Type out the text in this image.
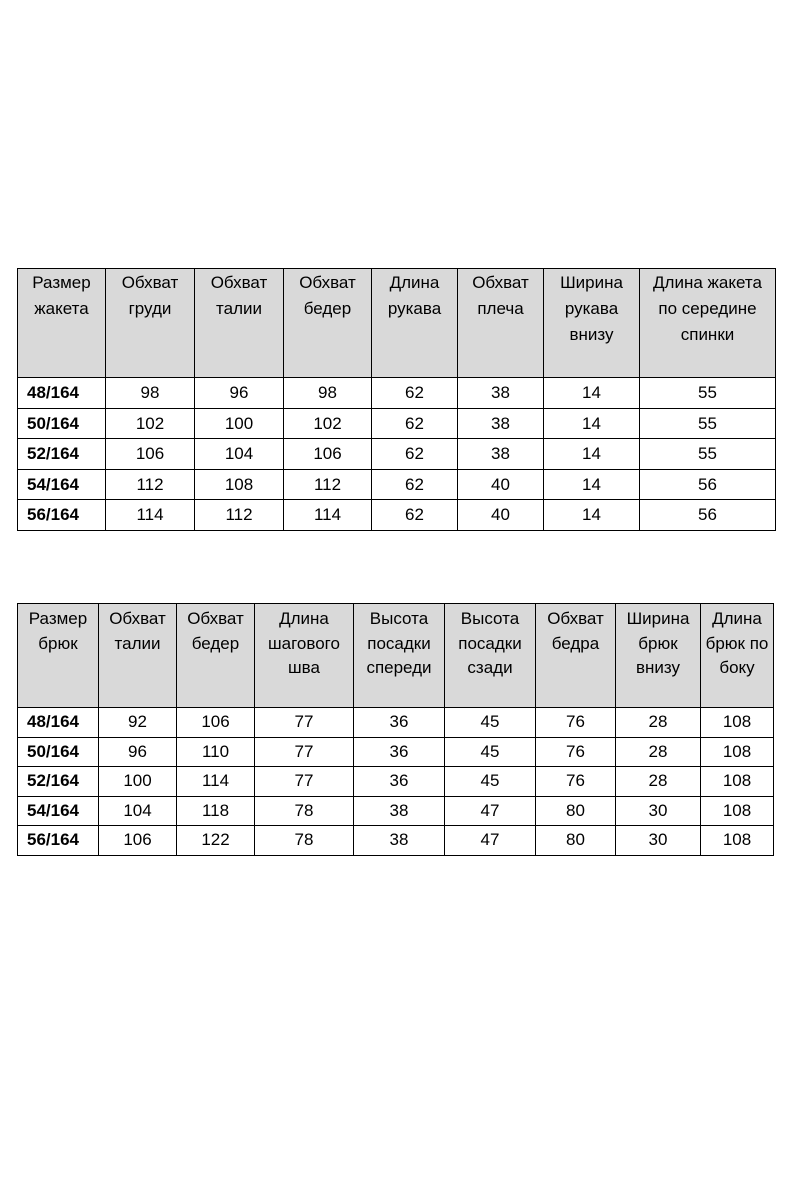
Размер жакета	Обхват груди	Обхват талии	Обхват бедер	Длина рукава	Обхват плеча	Ширина рукава внизу	Длина жакета по середине спинки
48/164	98	96	98	62	38	14	55
50/164	102	100	102	62	38	14	55
52/164	106	104	106	62	38	14	55
54/164	112	108	112	62	40	14	56
56/164	114	112	114	62	40	14	56
Размер брюк	Обхват талии	Обхват бедер	Длина шагового шва	Высота посадки спереди	Высота посадки сзади	Обхват бедра	Ширина брюк внизу	Длина брюк по боку
48/164	92	106	77	36	45	76	28	108
50/164	96	110	77	36	45	76	28	108
52/164	100	114	77	36	45	76	28	108
54/164	104	118	78	38	47	80	30	108
56/164	106	122	78	38	47	80	30	108
